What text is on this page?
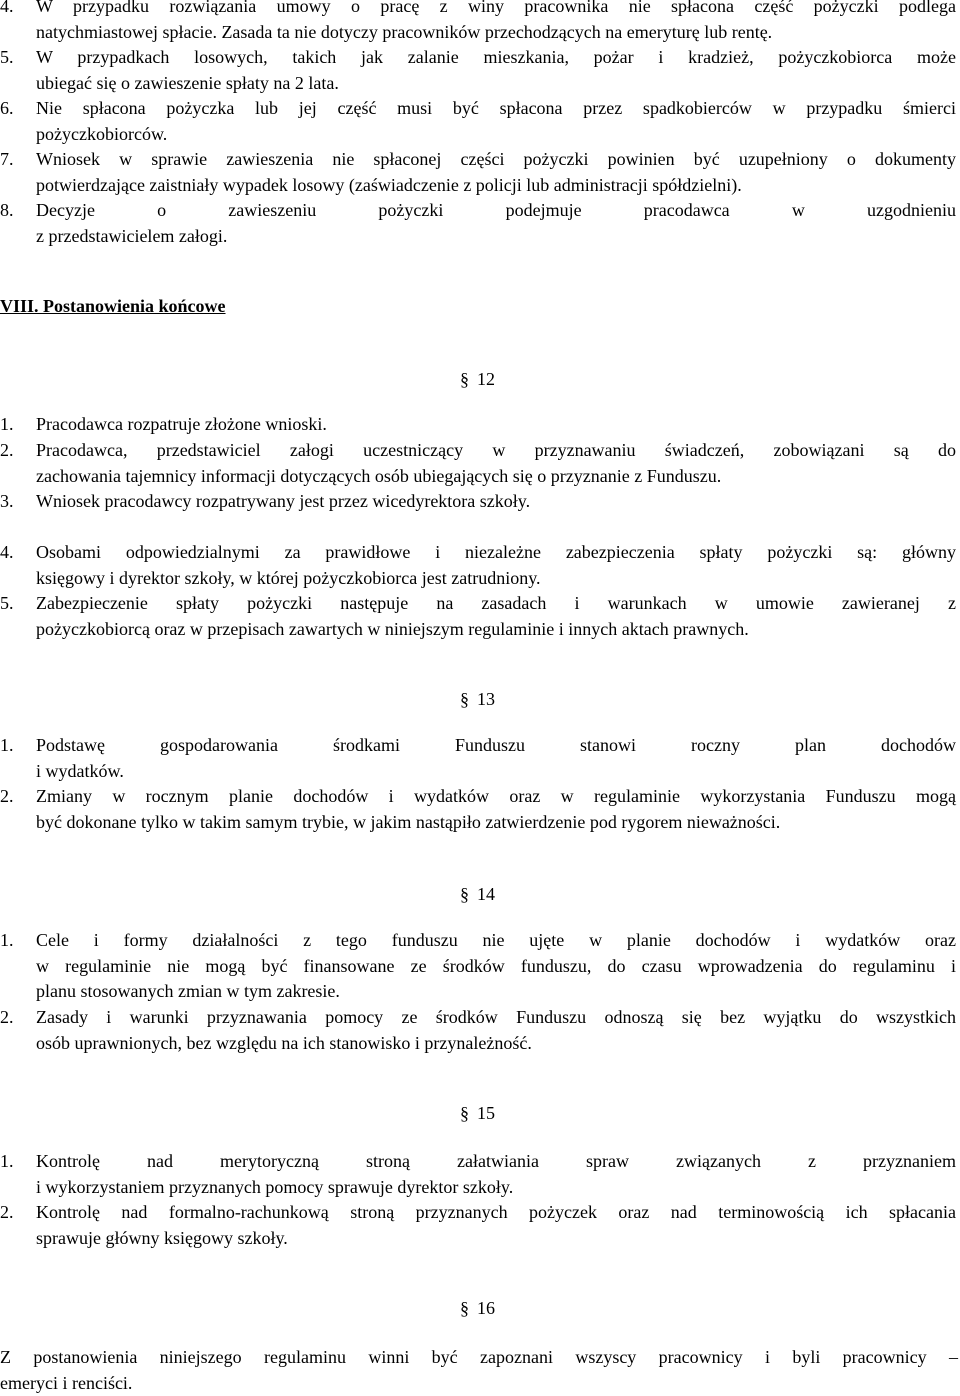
4. W przypadku rozwiązania umowy o pracę z winy pracownika nie spłacona część pożyczki podlega
natychmiastowej spłacie. Zasada ta nie dotyczy pracowników przechodzących na emeryturę lub rentę.
5. W przypadkach losowych, takich jak zalanie mieszkania, pożar i kradzież, pożyczkobiorca może
ubiegać się o zawieszenie spłaty na 2 lata.
6. Nie spłacona pożyczka lub jej część musi być spłacona przez spadkobierców w przypadku śmierci
pożyczkobiorców.
7. Wniosek w sprawie zawieszenia nie spłaconej części pożyczki powinien być uzupełniony o dokumenty
potwierdzające zaistniały wypadek losowy (zaświadczenie z policji lub administracji spółdzielni).
8. Decyzje o zawieszeniu pożyczki podejmuje pracodawca w uzgodnieniu
z przedstawicielem załogi.
VIII. Postanowienia końcowe
§ 12
1. Pracodawca rozpatruje złożone wnioski.
2. Pracodawca, przedstawiciel załogi uczestniczący w przyznawaniu świadczeń, zobowiązani są do
zachowania tajemnicy informacji dotyczących osób ubiegających się o przyznanie z Funduszu.
3. Wniosek pracodawcy rozpatrywany jest przez wicedyrektora szkoły.
4. Osobami odpowiedzialnymi za prawidłowe i niezależne zabezpieczenia spłaty pożyczki są: główny
księgowy i dyrektor szkoły, w której pożyczkobiorca jest zatrudniony.
5. Zabezpieczenie spłaty pożyczki następuje na zasadach i warunkach w umowie zawieranej z
pożyczkobiorcą oraz w przepisach zawartych w niniejszym regulaminie i innych aktach prawnych.
§ 13
1. Podstawę gospodarowania środkami Funduszu stanowi roczny plan dochodów
i wydatków.
2. Zmiany w rocznym planie dochodów i wydatków oraz w regulaminie wykorzystania Funduszu mogą
być dokonane tylko w takim samym trybie, w jakim nastąpiło zatwierdzenie pod rygorem nieważności.
§ 14
1. Cele i formy działalności z tego funduszu nie ujęte w planie dochodów i wydatków oraz
w regulaminie nie mogą być finansowane ze środków funduszu, do czasu wprowadzenia do regulaminu i
planu stosowanych zmian w tym zakresie.
2. Zasady i warunki przyznawania pomocy ze środków Funduszu odnoszą się bez wyjątku do wszystkich
osób uprawnionych, bez względu na ich stanowisko i przynależność.
§ 15
1. Kontrolę nad merytoryczną stroną załatwiania spraw związanych z przyznaniem
i wykorzystaniem przyznanych pomocy sprawuje dyrektor szkoły.
2. Kontrolę nad formalno-rachunkową stroną przyznanych pożyczek oraz nad terminowością ich spłacania
sprawuje główny księgowy szkoły.
§ 16
Z postanowienia niniejszego regulaminu winni być zapoznani wszyscy pracownicy i byli pracownicy –
emeryci i renciści.
